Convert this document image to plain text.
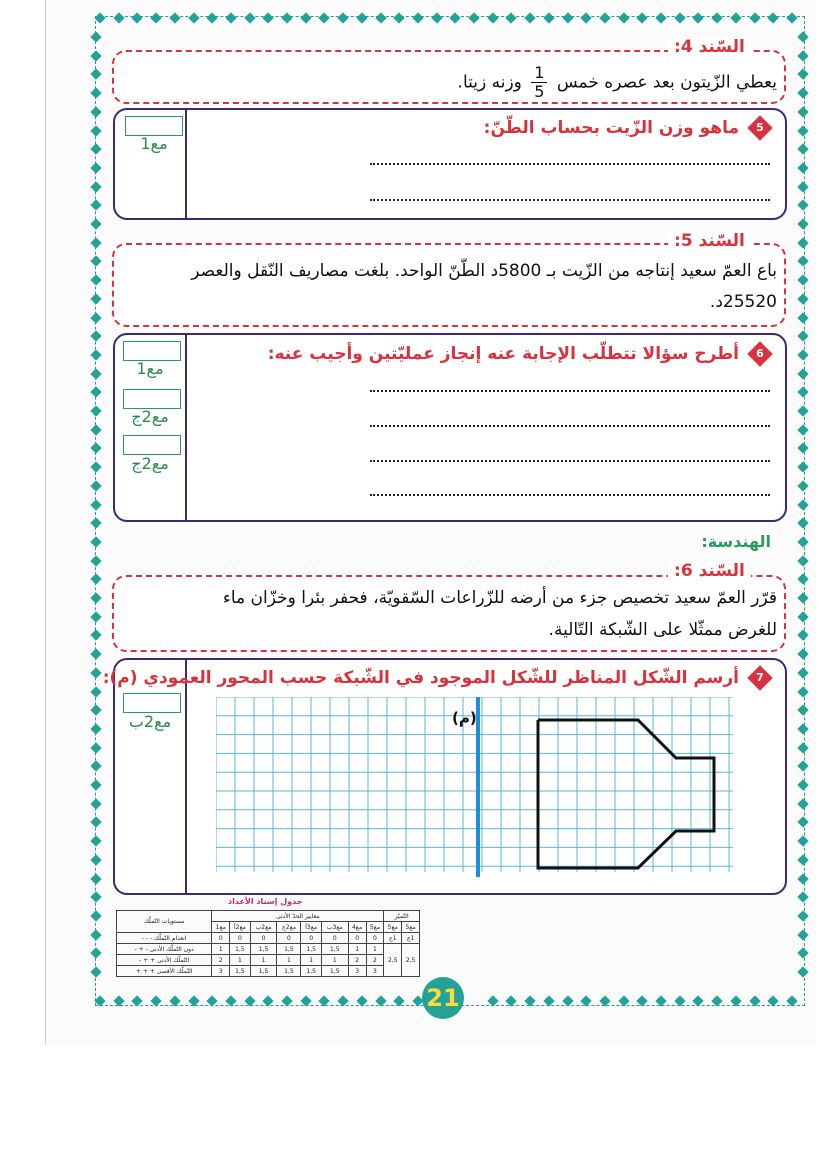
السّند 4:
يعطي الزّيتون بعد عصره خمس
$\frac{1}{5}$
وزنه زيتا.
5
ماهو وزن الزّيت بحساب الطّنّ:
مع1
السّند 5:
باع العمّ سعيد إنتاجه من الزّيت بـ 5800د الطّنّ الواحد. بلغت مصاريف النّقل والعصر
25520د.
6
أطرح سؤالا تتطلّب الإجابة عنه إنجاز عمليّتين وأجيب عنه:
مع1
مع2ج
مع2ج
الهندسة:
السّند 6:
قرّر العمّ سعيد تخصيص جزء من أرضه للزّراعات السّقويّة، فحفر بئرا وخزّان ماء
للغرض ممثّلا على الشّبكة التّالية.
7
أرسم الشّكل المناظر للشّكل الموجود في الشّبكة حسب المحور العمودي (م):
مع2ب	(م)
جدول إسناد الأعداد
التّميّز		معايير الحدّ الأدنى								مستويات التّملّك
مع5	مع5	مع5	مع4	مع3ب	مع3أ	مع2ج	مع2ب	مع2أ	مع1	
1ج	1ج	0	0	0	0	0	0	0	0	انعدام التّملّك - - -
2,5	2,5	1	1	1,5	1,5	1,5	1,5	1,5	1	دون التّملّك الأدنى - + -
		2	2	1	1	1	1	1	2	التّملّك الأدنى + + -
		3	3	1,5	1,5	1,5	1,5	1,5	3	التّملّك الأقصى + + +
21
